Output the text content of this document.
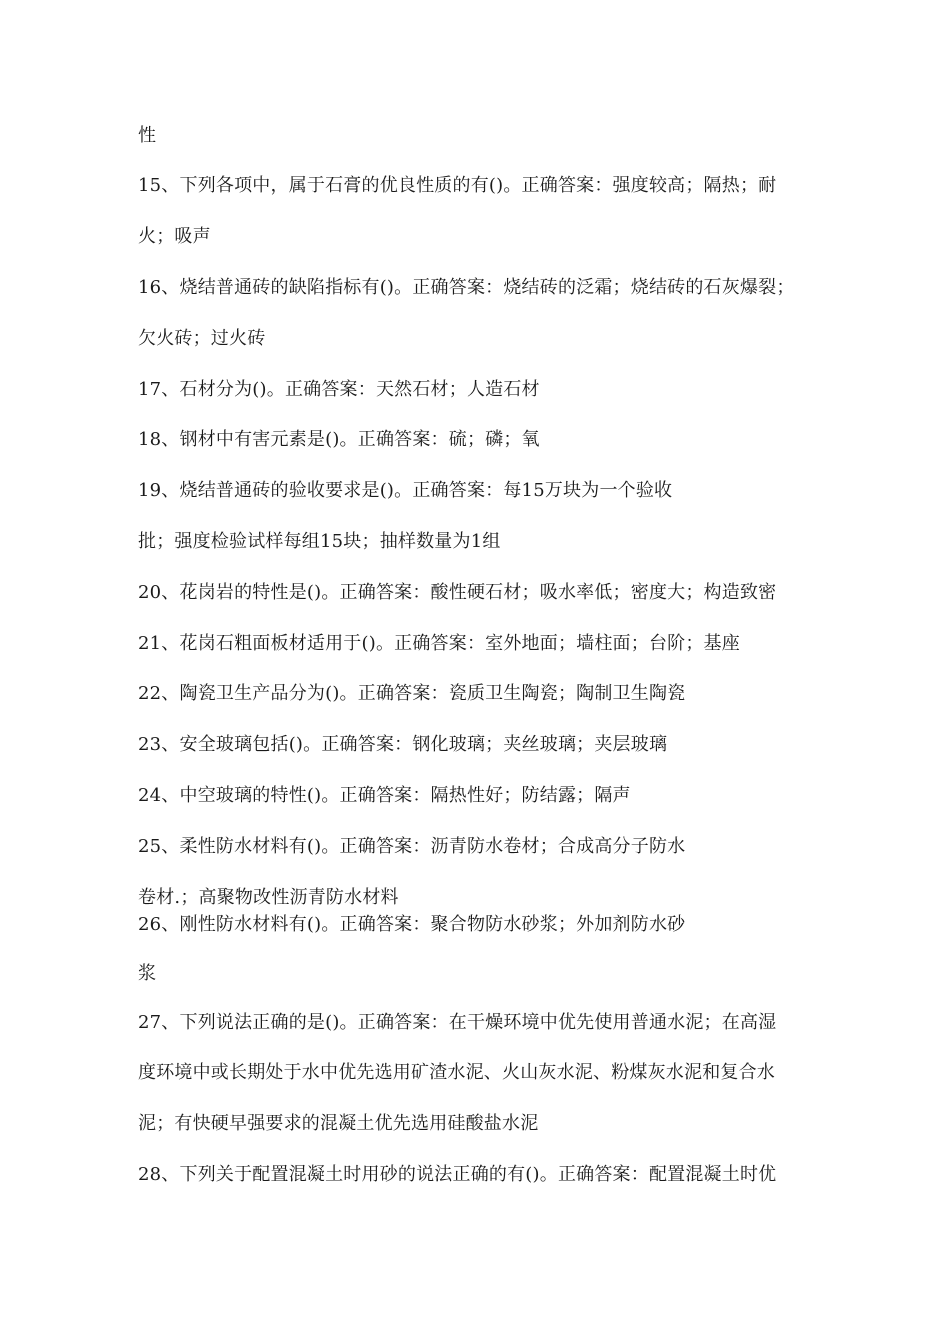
性
15、下列各项中，属于石膏的优良性质的有()。正确答案：强度较高；隔热；耐
火；吸声
16、烧结普通砖的缺陷指标有()。正确答案：烧结砖的泛霜；烧结砖的石灰爆裂；
欠火砖；过火砖
17、石材分为()。正确答案：天然石材；人造石材
18、钢材中有害元素是()。正确答案：硫；磷；氧
19、烧结普通砖的验收要求是()。正确答案：每15万块为一个验收
批；强度检验试样每组15块；抽样数量为1组
20、花岗岩的特性是()。正确答案：酸性硬石材；吸水率低；密度大；构造致密
21、花岗石粗面板材适用于()。正确答案：室外地面；墙柱面；台阶；基座
22、陶瓷卫生产品分为()。正确答案：瓷质卫生陶瓷；陶制卫生陶瓷
23、安全玻璃包括()。正确答案：钢化玻璃；夹丝玻璃；夹层玻璃
24、中空玻璃的特性()。正确答案：隔热性好；防结露；隔声
25、柔性防水材料有()。正确答案：沥青防水卷材；合成高分子防水
卷材.；高聚物改性沥青防水材料
26、刚性防水材料有()。正确答案：聚合物防水砂浆；外加剂防水砂
浆
27、下列说法正确的是()。正确答案：在干燥环境中优先使用普通水泥；在高湿
度环境中或长期处于水中优先选用矿渣水泥、火山灰水泥、粉煤灰水泥和复合水
泥；有快硬早强要求的混凝土优先选用硅酸盐水泥
28、下列关于配置混凝土时用砂的说法正确的有()。正确答案：配置混凝土时优
